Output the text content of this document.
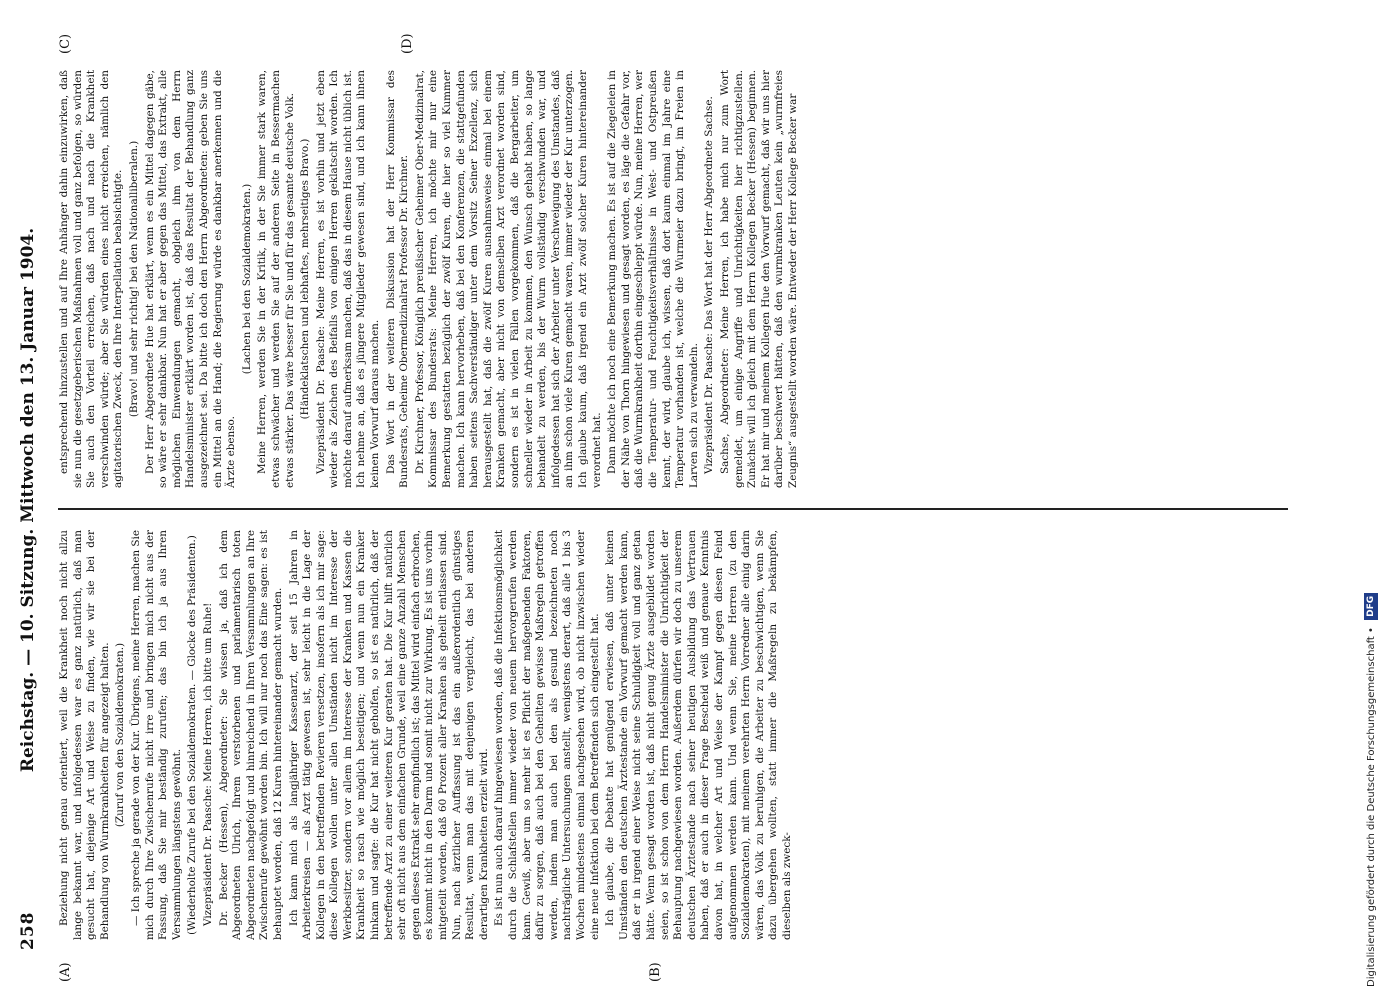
258
Reichstag. — 10. Sitzung. Mittwoch den 13. Januar 1904.
(A)	(B)
(C)	(D)

Beziehung nicht genau orientiert, weil die Krankheit noch nicht allzu lange bekannt war, und infolgedessen war es ganz natürlich, daß man gesucht hat, diejenige Art und Weise zu finden, wie wir sie bei der Behandlung von Wurmkrankheiten für angezeigt halten. (Zuruf von den Sozialdemokraten.) — Ich spreche ja gerade von der Kur. Übrigens, meine Herren, machen Sie mich durch Ihre Zwischenrufe nicht irre und bringen mich nicht aus der Fassung, daß Sie mir beständig zurufen; das bin ich ja aus Ihren Versammlungen längstens gewöhnt. (Wiederholte Zurufe bei den Sozialdemokraten. — Glocke des Präsidenten.) Vizepräsident Dr. Paasche: Meine Herren, ich bitte um Ruhe! Dr. Becker (Hessen), Abgeordneter: Sie wissen ja, daß ich dem Abgeordneten Ulrich, Ihrem verstorbenen und parlamentarisch toten Abgeordneten nachgefolgt und hinreichend in Ihren Versammlungen an Ihre Zwischenrufe gewöhnt worden bin. Ich will nur noch das Eine sagen: es ist behauptet worden, daß 12 Kuren hintereinander gemacht wurden. Ich kann mich als langjähriger Kassenarzt, der seit 15 Jahren in Arbeiterkreisen — als Arzt tätig gewesen ist, sehr leicht in die Lage der Kollegen in den betreffenden Revieren versetzen, insofern als ich mir sage: diese Kollegen wollen unter allen Umständen nicht im Interesse der Werkbesitzer, sondern vor allem im Interesse der Kranken und Kassen die Krankheit so rasch wie möglich beseitigen; und wenn nun ein Kranker hinkam und sagte: die Kur hat nicht geholfen, so ist es natürlich, daß der betreffende Arzt zu einer weiteren Kur geraten hat. Die Kur hilft natürlich sehr oft nicht aus dem einfachen Grunde, weil eine ganze Anzahl Menschen gegen dieses Extrakt sehr empfindlich ist; das Mittel wird einfach erbrochen, es kommt nicht in den Darm und somit nicht zur Wirkung. Es ist uns vorhin mitgeteilt worden, daß 60 Prozent aller Kranken als geheilt entlassen sind. Nun, nach ärztlicher Auffassung ist das ein außerordentlich günstiges Resultat, wenn man das mit denjenigen vergleicht, das bei anderen derartigen Krankheiten erzielt wird. Es ist nun auch darauf hingewiesen worden, daß die Infektionsmöglichkeit durch die Schlafstellen immer wieder von neuem hervorgerufen werden kann. Gewiß, aber um so mehr ist es Pflicht der maßgebenden Faktoren, dafür zu sorgen, daß auch bei den Geheilten gewisse Maßregeln getroffen werden, indem man auch bei den als gesund bezeichneten noch nachträgliche Untersuchungen anstellt, wenigstens derart, daß alle 1 bis 3 Wochen mindestens einmal nachgesehen wird, ob nicht inzwischen wieder eine neue Infektion bei dem Betreffenden sich eingestellt hat. Ich glaube, die Debatte hat genügend erwiesen, daß unter keinen Umständen den deutschen Ärztestande ein Vorwurf gemacht werden kann, daß er in irgend einer Weise nicht seine Schuldigkeit voll und ganz getan hätte. Wenn gesagt worden ist, daß nicht genug Ärzte ausgebildet worden seien, so ist schon von dem Herrn Handelsminister die Unrichtigkeit der Behauptung nachgewiesen worden. Außerdem dürfen wir doch zu unserem deutschen Ärztestande nach seiner heutigen Ausbildung das Vertrauen haben, daß er auch in dieser Frage Bescheid weiß und genaue Kenntnis davon hat, in welcher Art und Weise der Kampf gegen diesen Feind aufgenommen werden kann. Und wenn Sie, meine Herren (zu den Sozialdemokraten), mit meinem verehrten Herrn Vorredner alle einig darin wären, das Volk zu beruhigen, die Arbeiter zu beschwichtigen, wenn Sie dazu übergehen wollten, statt immer die Maßregeln zu bekämpfen, dieselben als zweck-

entsprechend hinzustellen und auf Ihre Anhänger dahin einzuwirken, daß sie nun die gesetzgeberischen Maßnahmen voll und ganz befolgen, so würden Sie auch den Vorteil erreichen, daß nach und nach die Krankheit verschwinden würde; aber Sie würden eines nicht erreichen, nämlich den agitatorischen Zweck, den Ihre Interpellation beabsichtigte. (Bravo! und sehr richtig! bei den Nationalliberalen.) Der Herr Abgeordnete Hue hat erklärt, wenn es ein Mittel dagegen gäbe, so wäre er sehr dankbar. Nun hat er aber gegen das Mittel, das Extrakt, alle möglichen Einwendungen gemacht, obgleich ihm von dem Herrn Handelsminister erklärt worden ist, daß das Resultat der Behandlung ganz ausgezeichnet sei. Da bitte ich doch den Herrn Abgeordneten: geben Sie uns ein Mittel an die Hand; die Regierung würde es dankbar anerkennen und die Ärzte ebenso.

(Lachen bei den Sozialdemokraten.) Meine Herren, werden Sie in der Kritik, in der Sie immer stark waren, etwas schwächer und werden Sie auf der anderen Seite in Bessermachen etwas stärker. Das wäre besser für Sie und für das gesamte deutsche Volk. (Händeklatschen und lebhaftes, mehrseitiges Bravo.) Vizepräsident Dr. Paasche: Meine Herren, es ist vorhin und jetzt eben wieder als Zeichen des Beifalls von einigen Herren geklatscht worden. Ich möchte darauf aufmerksam machen, daß das in diesem Hause nicht üblich ist. Ich nehme an, daß es jüngere Mitglieder gewesen sind, und ich kann ihnen keinen Vorwurf daraus machen. Das Wort in der weiteren Diskussion hat der Herr Kommissar des Bundesrats, Geheime Obermedizinalrat Professor Dr. Kirchner. Dr. Kirchner, Professor, Königlich preußischer Geheimer Ober-Medizinalrat, Kommissar des Bundesrats: Meine Herren, ich möchte mir nur eine Bemerkung gestatten bezüglich der zwölf Kuren, die hier so viel Kummer machen. Ich kann hervorheben, daß bei den Konferenzen, die stattgefunden haben seitens Sachverständiger unter dem Vorsitz Seiner Exzellenz, sich herausgestellt hat, daß die zwölf Kuren ausnahmsweise einmal bei einem Kranken gemacht, aber nicht von demselben Arzt verordnet worden sind, sondern es ist in vielen Fällen vorgekommen, daß die Bergarbeiter, um schneller wieder in Arbeit zu kommen, den Wunsch gehabt haben, so lange behandelt zu werden, bis der Wurm vollständig verschwunden war, und infolgedessen hat sich der Arbeiter unter Verschweigung des Umstandes, daß an ihm schon viele Kuren gemacht waren, immer wieder der Kur unterzogen. Ich glaube kaum, daß irgend ein Arzt zwölf solcher Kuren hintereinander verordnet hat. Dann möchte ich noch eine Bemerkung machen. Es ist auf die Ziegeleien in der Nähe von Thorn hingewiesen und gesagt worden, es läge die Gefahr vor, daß die Wurmkrankheit dorthin eingeschleppt würde. Nun, meine Herren, wer die Temperatur- und Feuchtigkeitsverhältnisse in West- und Ostpreußen kennt, der wird, glaube ich, wissen, daß dort kaum einmal im Jahre eine Temperatur vorhanden ist, welche die Wurmeier dazu bringt, im Freien in Larven sich zu verwandeln. Vizepräsident Dr. Paasche: Das Wort hat der Herr Abgeordnete Sachse. Sachse, Abgeordneter: Meine Herren, ich habe mich nur zum Wort gemeldet, um einige Angriffe und Unrichtigkeiten hier richtigzustellen. Zunächst will ich gleich mit dem Herrn Kollegen Becker (Hessen) beginnen. Er hat mir und meinem Kollegen Hue den Vorwurf gemacht, daß wir uns hier darüber beschwert hätten, daß den wurmkranken Leuten kein „wurmfreies Zeugnis“ ausgestellt worden wäre. Entweder der Herr Kollege Becker war

Digitalisierung gefördert durch die Deutsche Forschungsgemeinschaft • DFG
